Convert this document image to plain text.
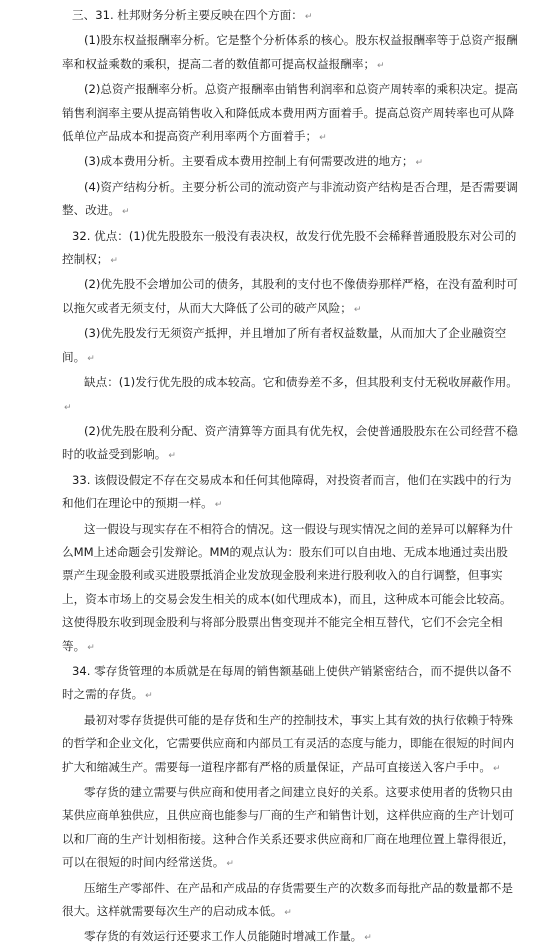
三、31. 杜邦财务分析主要反映在四个方面： ↵

(1)股东权益报酬率分析。它是整个分析体系的核心。股东权益报酬率等于总资产报酬率和权益乘数的乘积，提高二者的数值都可提高权益报酬率； ↵

(2)总资产报酬率分析。总资产报酬率由销售利润率和总资产周转率的乘积决定。提高销售利润率主要从提高销售收入和降低成本费用两方面着手。提高总资产周转率也可从降低单位产品成本和提高资产利用率两个方面着手； ↵

(3)成本费用分析。主要看成本费用控制上有何需要改进的地方； ↵

(4)资产结构分析。主要分析公司的流动资产与非流动资产结构是否合理，是否需要调整、改进。 ↵

32. 优点：(1)优先股股东一般没有表决权，故发行优先股不会稀释普通股股东对公司的控制权； ↵

(2)优先股不会增加公司的债务，其股利的支付也不像债券那样严格，在没有盈利时可以拖欠或者无须支付，从而大大降低了公司的破产风险； ↵

(3)优先股发行无须资产抵押，并且增加了所有者权益数量，从而加大了企业融资空间。 ↵

缺点：(1)发行优先股的成本较高。它和债券差不多，但其股利支付无税收屏蔽作用。↵

(2)优先股在股利分配、资产清算等方面具有优先权，会使普通股股东在公司经营不稳时的收益受到影响。 ↵

33. 该假设假定不存在交易成本和任何其他障碍，对投资者而言，他们在实践中的行为和他们在理论中的预期一样。 ↵

这一假设与现实存在不相符合的情况。这一假设与现实情况之间的差异可以解释为什么MM上述命题会引发辩论。MM的观点认为：股东们可以自由地、无成本地通过卖出股票产生现金股利或买进股票抵消企业发放现金股利来进行股利收入的自行调整，但事实上，资本市场上的交易会发生相关的成本(如代理成本)，而且，这种成本可能会比较高。这使得股东收到现金股利与将部分股票出售变现并不能完全相互替代，它们不会完全相等。 ↵

34. 零存货管理的本质就是在每周的销售额基础上使供产销紧密结合，而不提供以备不时之需的存货。 ↵

最初对零存货提供可能的是存货和生产的控制技术，事实上其有效的执行依赖于特殊的哲学和企业文化，它需要供应商和内部员工有灵活的态度与能力，即能在很短的时间内扩大和缩减生产。需要每一道程序都有严格的质量保证，产品可直接送入客户手中。 ↵

零存货的建立需要与供应商和使用者之间建立良好的关系。这要求使用者的货物只由某供应商单独供应，且供应商也能参与厂商的生产和销售计划，这样供应商的生产计划可以和厂商的生产计划相衔接。这种合作关系还要求供应商和厂商在地理位置上靠得很近，可以在很短的时间内经常送货。 ↵

压缩生产零部件、在产品和产成品的存货需要生产的次数多而每批产品的数量都不是很大。这样就需要每次生产的启动成本低。 ↵

零存货的有效运行还要求工作人员能随时增减工作量。 ↵
